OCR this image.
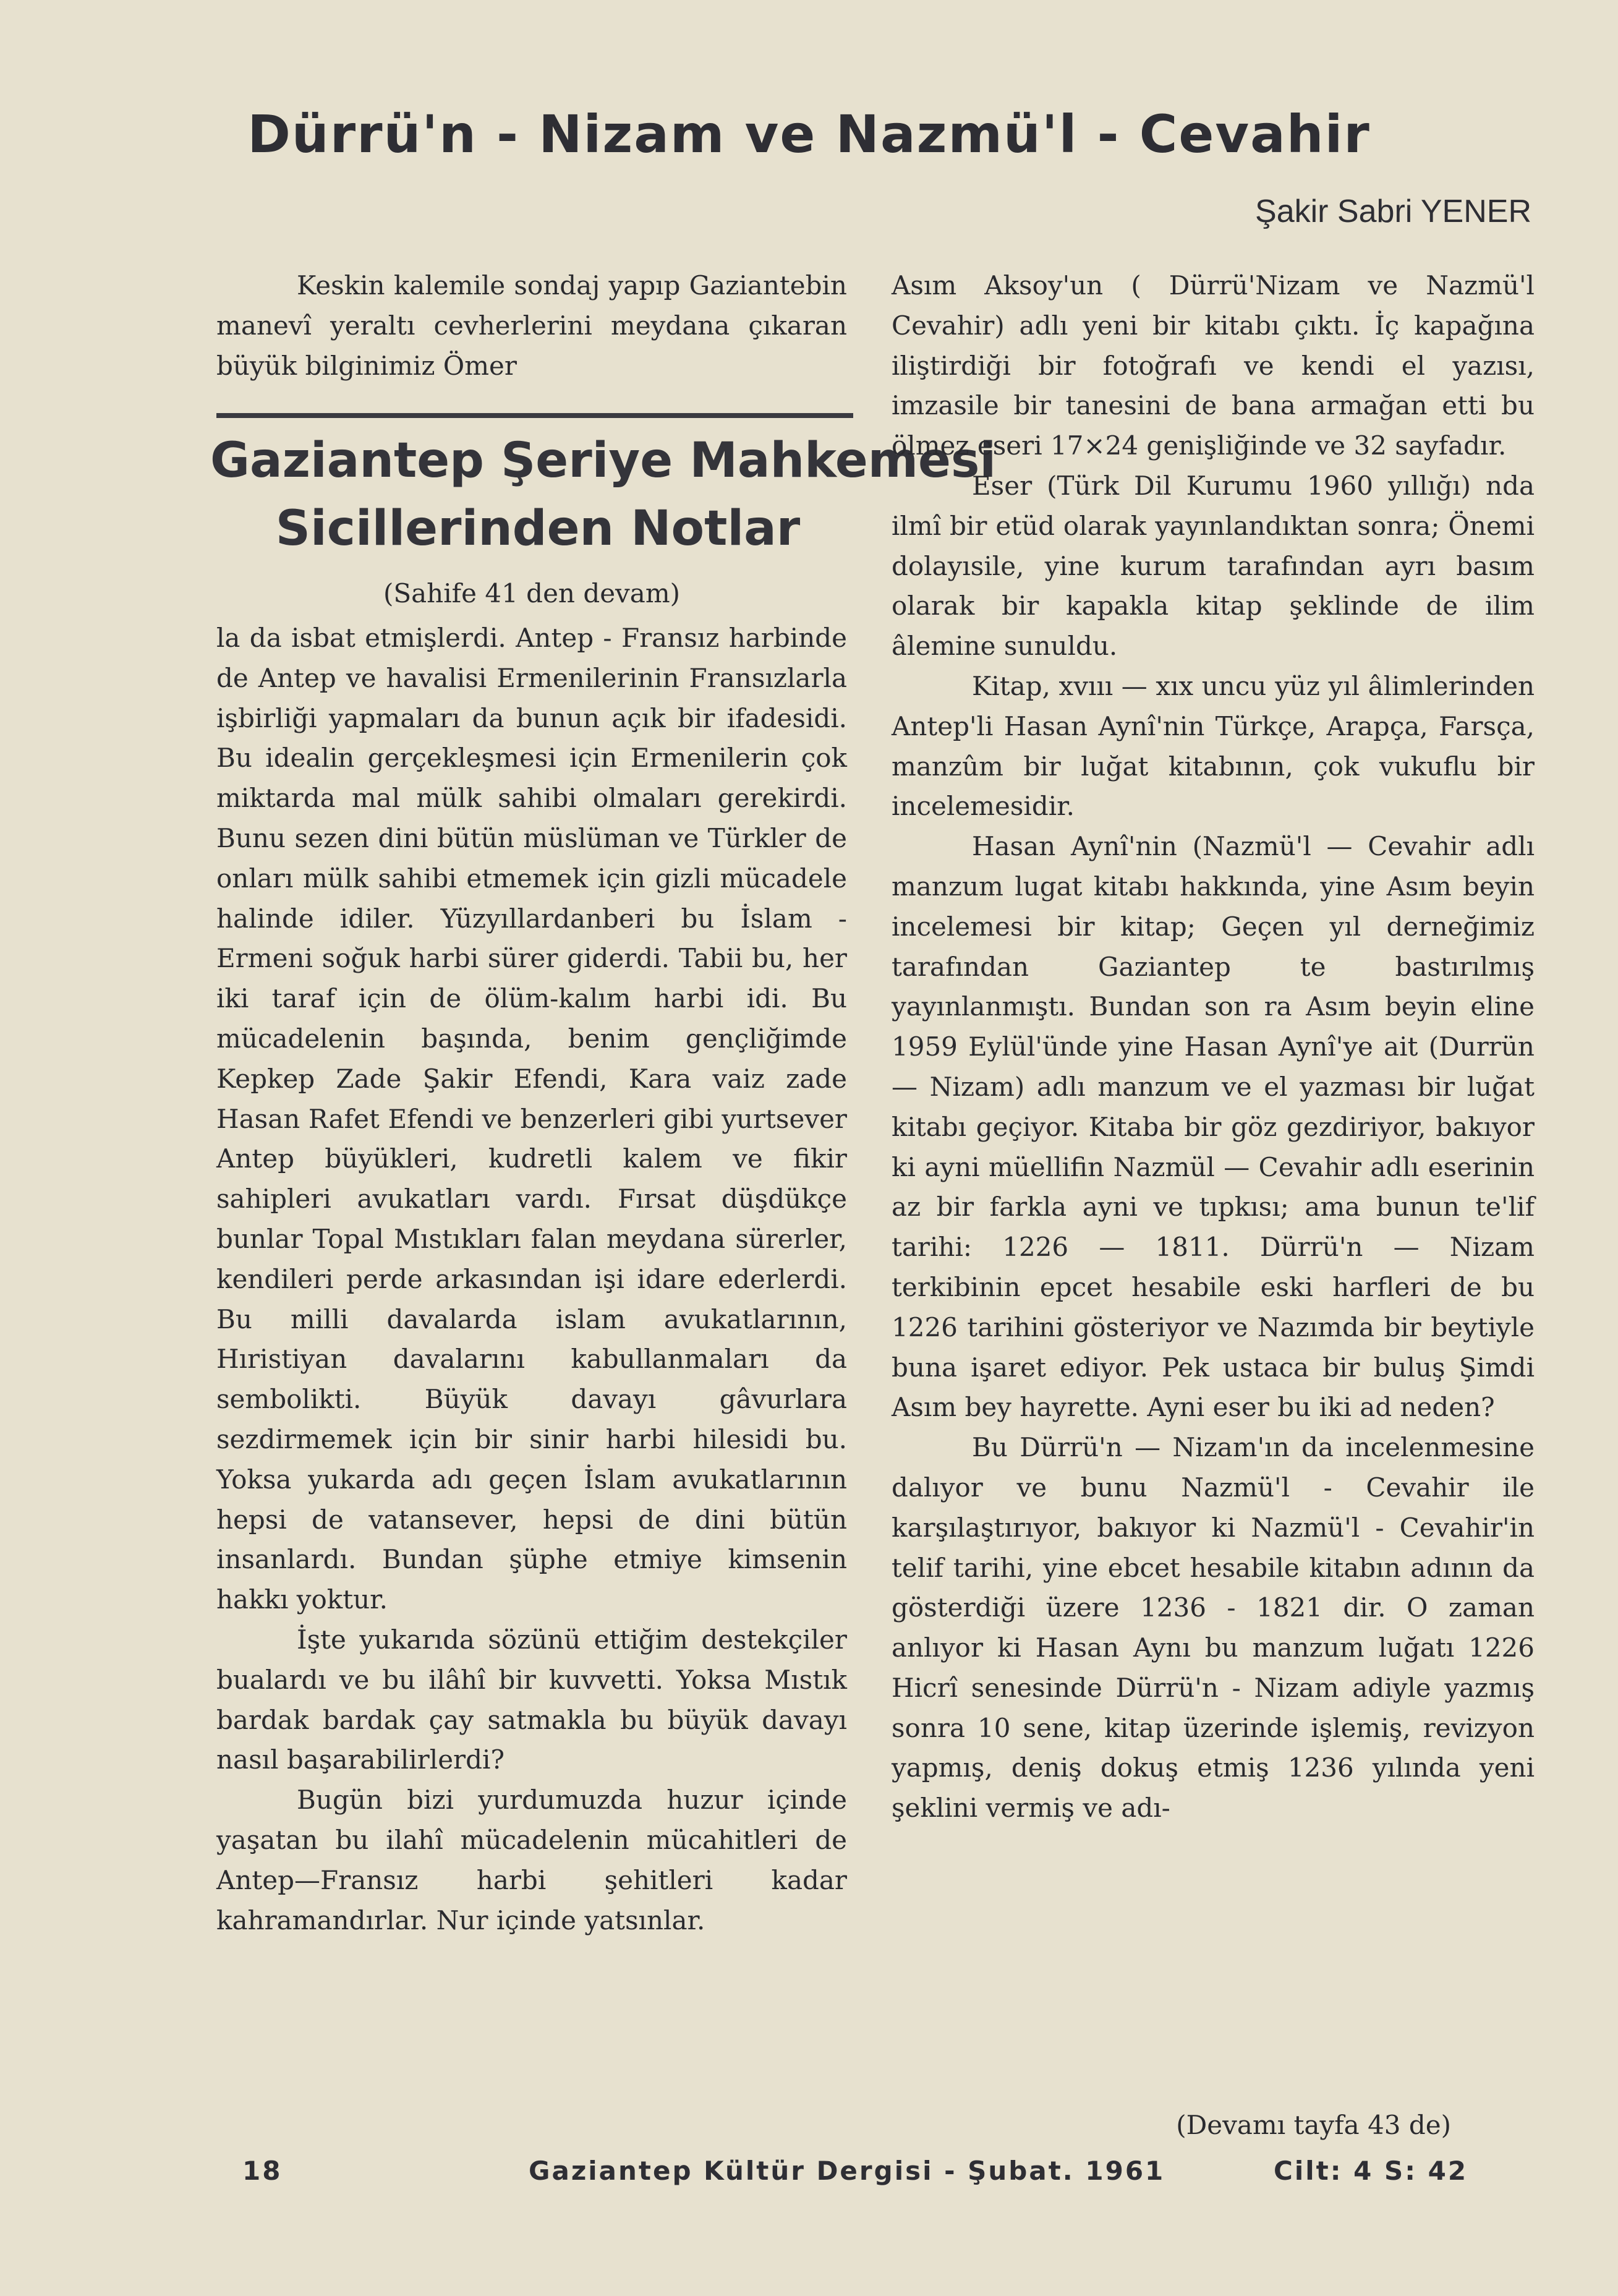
Dürrü'n - Nizam ve Nazmü'l - Cevahir
Şakir Sabri YENER

Keskin kalemile sondaj yapıp Gaziantebin manevî yeraltı cevherlerini meydana çıkaran büyük bilginimiz Ömer

Gaziantep Şeriye Mahkemesi
Sicillerinden Notlar
(Sahife 41 den devam)

la da isbat etmişlerdi. Antep - Fransız harbinde de Antep ve havalisi Ermenilerinin Fransızlarla işbirliği yapmaları da bunun açık bir ifadesidi. Bu idealin gerçekleşmesi için Ermenilerin çok miktarda mal mülk sahibi olmaları gerekirdi. Bunu sezen dini bütün müslüman ve Türkler de onları mülk sahibi etmemek için gizli mücadele halinde idiler. Yüzyıllardanberi bu İslam - Ermeni soğuk harbi sürer giderdi. Tabii bu, her iki taraf için de ölüm-kalım harbi idi. Bu mücadelenin başında, benim gençliğimde Kepkep Zade Şakir Efendi, Kara vaiz zade Hasan Rafet Efendi ve benzerleri gibi yurtsever Antep büyükleri, kudretli kalem ve fikir sahipleri avukatları vardı. Fırsat düşdükçe bunlar Topal Mıstıkları falan meydana sürerler, kendileri perde arkasından işi idare ederlerdi. Bu milli davalarda islam avukatlarının, Hıristiyan davalarını kabullanmaları da sembolikti. Büyük davayı gâvurlara sezdirmemek için bir sinir harbi hilesidi bu. Yoksa yukarda adı geçen İslam avukatlarının hepsi de vatansever, hepsi de dini bütün insanlardı. Bundan şüphe etmiye kimsenin hakkı yoktur.

İşte yukarıda sözünü ettiğim destekçiler bualardı ve bu ilâhî bir kuvvetti. Yoksa Mıstık bardak bardak çay satmakla bu büyük davayı nasıl başarabilirlerdi?

Bugün bizi yurdumuzda huzur içinde yaşatan bu ilahî mücadelenin mücahitleri de Antep—Fransız harbi şehitleri kadar kahramandırlar. Nur içinde yatsınlar.

Asım Aksoy'un ( Dürrü'Nizam ve Nazmü'l Cevahir) adlı yeni bir kitabı çıktı. İç kapağına iliştirdiği bir fotoğrafı ve kendi el yazısı, imzasile bir tanesini de bana armağan etti bu ölmez eseri 17×24 genişliğinde ve 32 sayfadır.

Eser (Türk Dil Kurumu 1960 yıllığı) nda ilmî bir etüd olarak yayınlandıktan sonra; Önemi dolayısile, yine kurum tarafından ayrı basım olarak bir kapakla kitap şeklinde de ilim âlemine sunuldu.

Kitap, xvııı — xıx uncu yüz yıl âlimlerinden Antep'li Hasan Aynî'nin Türkçe, Arapça, Farsça, manzûm bir luğat kitabının, çok vukuflu bir incelemesidir.

Hasan Aynî'nin (Nazmü'l — Cevahir adlı manzum lugat kitabı hakkında, yine Asım beyin incelemesi bir kitap; Geçen yıl derneğimiz tarafından Gaziantep te bastırılmış yayınlanmıştı. Bundan son ra Asım beyin eline 1959 Eylül'ünde yine Hasan Aynî'ye ait (Durrün — Nizam) adlı manzum ve el yazması bir luğat kitabı geçiyor. Kitaba bir göz gezdiriyor, bakıyor ki ayni müellifin Nazmül — Cevahir adlı eserinin az bir farkla ayni ve tıpkısı; ama bunun te'lif tarihi: 1226 — 1811. Dürrü'n — Nizam terkibinin epcet hesabile eski harfleri de bu 1226 tarihini gösteriyor ve Nazımda bir beytiyle buna işaret ediyor. Pek ustaca bir buluş Şimdi Asım bey hayrette. Ayni eser bu iki ad neden?

Bu Dürrü'n — Nizam'ın da incelenmesine dalıyor ve bunu Nazmü'l - Cevahir ile karşılaştırıyor, bakıyor ki Nazmü'l - Cevahir'in telif tarihi, yine ebcet hesabile kitabın adının da gösterdiği üzere 1236 - 1821 dir. O zaman anlıyor ki Hasan Aynı bu manzum luğatı 1226 Hicrî senesinde Dürrü'n - Nizam adiyle yazmış sonra 10 sene, kitap üzerinde işlemiş, revizyon yapmış, deniş dokuş etmiş 1236 yılında yeni şeklini vermiş ve adı-

(Devamı tayfa 43 de)
18	Gaziantep Kültür Dergisi - Şubat. 1961	Cilt: 4 S: 42
